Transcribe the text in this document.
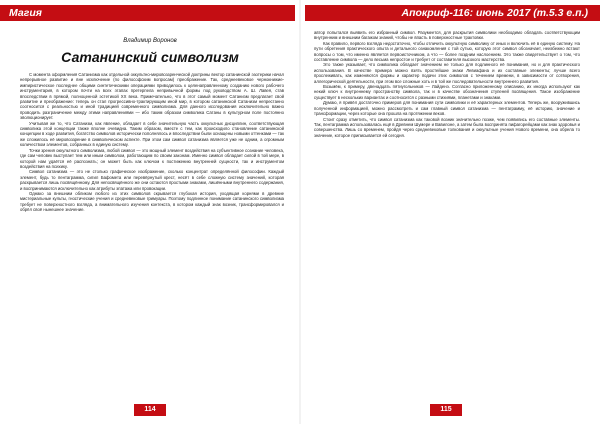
Магия	Апокриф-116: июнь 2017 (т.5.3 е.п.)
Владимир Воронов
Сатанинский символизм

С момента оформления Сатанизма как отдельной оккультно-мировоззренческой доктрины вектор сатанинской эзотерики начал непрерывное развитие и вне исключение (по философским вопросам) преображение. Так, среднеевековое чернокнижие-импиристическое последнее общими синтетическими операциями приводилось к целенаправленному созданию нового рабочего инструментария, в котором почти на всех этапах претерпела непривычной формы под руководством А. Ш. Лавея, став впоследствии в прямой, полноценной эстетикой XX века. Примечательно, что в этот самый момент Сатанизм предлагает свой развитие и преображение: теперь он стал прогрессивно-трактирующим иной мир, в котором сатанинской Сатанизм непрестанно соотносится с реальностью и иной традицией современного символизма. Для данного исследования исключительно важно проводить разграничение между этими направлениями — ибо таким образом символика Сатаны в культурном поле постоянно эволюционирует.

Учитывая же то, что Сатанизм, как явление, обладает в себе значительную часть оккультных дисциплин, соответствующая символика этой концепции также вполне очевидна. Таким образом, вместе с тем, как происходило становление сатанинской концепции в ходе развития, богатство символов исторически пополнялось и впоследствии были оснащены новыми оттенками — так же сложилось её мировоззрение в символическом аспекте. При этом сам символ сатанизма является уже не одним, а огромным количеством элементов, собранных в единую систему.

Точки зрения оккультного символизма, любой символ — это мощный элемент воздействия на субъективное сознание человека, где сам человек выступает тем или иным символом, работающим по своим законам. Именно символ обладает силой в той мере, в которой нам удаётся её распознать; он может быть как ключом к постижению внутренней сущности, так и инструментом воздействия на психику.

Символ сатанизма — это не столько графическое изображение, сколько концентрат определённой философии. Каждый элемент, будь то пентаграмма, сигил Бафомета или перевёрнутый крест, несёт в себе сложную систему значений, которая раскрывается лишь посвящённому. Для непосвящённого же они остаются простыми знаками, лишёнными внутреннего содержания, и воспринимаются исключительно как атрибуты эпатажа или провокации.

Однако за внешним обликом любого из этих символов скрывается глубокая история, уходящая корнями в древние мистериальные культы, гностические учения и средневековые гримуары. Поэтому подлинное понимание сатанинского символизма требует не поверхностного взгляда, а внимательного изучения контекста, в котором каждый знак возник, трансформировался и обрёл своё нынешнее значение.

114

автор попытался выявить его избранный символ. Разумеется, для раскрытия символики необходимо обладать соответствующим внутренним и внешним багажом знаний, чтобы не впасть в поверхностные трактовки.

Как правило, первого взгляда недостаточно, чтобы отличить оккультную символику от иных и включить её в единую систему. На пути обретения практического опыта и детального ознакомления с той сутью, которую этот символ обозначает, неизбежно встают вопросы о том, что именно является первоисточником, а что — более поздним наслоением. Это также свидетельствует о том, что составление символа — дело весьма непростое и требует от составителя высокого мастерства.

Это также указывает, что символика обладает значением не только для подлинного её понимания, но и для практического использования. В качестве примера можно взять простейшие знаки Левиафана и их составные элементы; лучше всего прослеживать, как изменяются формы и характер подачи этих символов с течением времени, в зависимости от сотворения, аллегорической деятельности, при этом все сложные хоть и в той же последовательности внутреннего развития.

Возьмём, к примеру, двенадцать пятиугольников — Лайденэ. Согласно приложенному описанию, их иногда используют как некий ключ к внутреннему пространству символа, так и в качестве обозначения ступеней посвящения. Такое изображение существует в нескольких вариантах и соотносится с разными стихиями, планетами и знаками.

Думаю, я привёл достаточно примеров для понимания сути символики и её характерных элементов. Теперь же, вооружившись полученной информацией, можно рассмотреть и сам главный символ сатанизма — пентаграмму, её историю, значение и трансформации, через которые она прошла на протяжении веков.

Стоит сразу отметить, что символ сатанизма как таковой возник значительно позже, чем появились его составные элементы. Так, пентаграмма использовалась ещё в Древнем Шумере и Вавилоне, а затем была воспринята пифагорейцами как знак здоровья и совершенства. Лишь со временем, пройдя через средневековые толкования и оккультные учения Нового времени, она обрела то значение, которое приписывается ей сегодня.

115
